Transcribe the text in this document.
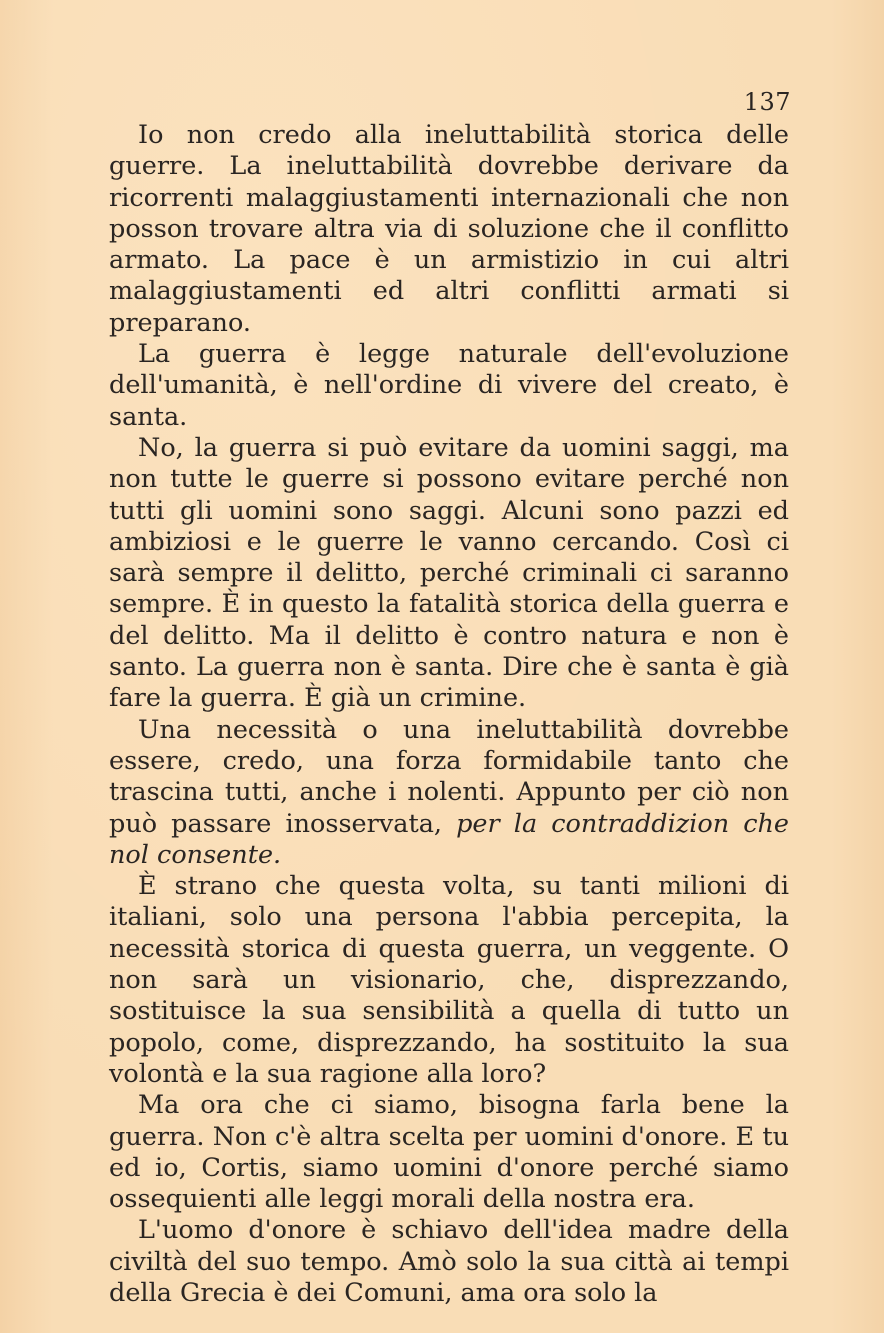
137

Io non credo alla ineluttabilità storica delle guerre. La ineluttabilità dovrebbe derivare da ricorrenti malaggiustamenti internazionali che non posson trovare altra via di soluzione che il conflitto armato. La pace è un armistizio in cui altri malaggiustamenti ed altri conflitti armati si preparano.

La guerra è legge naturale dell'evoluzione dell'umanità, è nell'ordine di vivere del creato, è santa.

No, la guerra si può evitare da uomini saggi, ma non tutte le guerre si possono evitare perché non tutti gli uomini sono saggi. Alcuni sono pazzi ed ambiziosi e le guerre le vanno cercando. Così ci sarà sempre il delitto, perché criminali ci saranno sempre. È in questo la fatalità storica della guerra e del delitto. Ma il delitto è contro natura e non è santo. La guerra non è santa. Dire che è santa è già fare la guerra. È già un crimine.

Una necessità o una ineluttabilità dovrebbe essere, credo, una forza formidabile tanto che trascina tutti, anche i nolenti. Appunto per ciò non può passare inosservata, per la contraddizion che nol consente.

È strano che questa volta, su tanti milioni di italiani, solo una persona l'abbia percepita, la necessità storica di questa guerra, un veggente. O non sarà un visionario, che, disprezzando, sostituisce la sua sensibilità a quella di tutto un popolo, come, disprezzando, ha sostituito la sua volontà e la sua ragione alla loro?

Ma ora che ci siamo, bisogna farla bene la guerra. Non c'è altra scelta per uomini d'onore. E tu ed io, Cortis, siamo uomini d'onore perché siamo ossequienti alle leggi morali della nostra era.

L'uomo d'onore è schiavo dell'idea madre della civiltà del suo tempo. Amò solo la sua città ai tempi della Grecia è dei Comuni, ama ora solo la
